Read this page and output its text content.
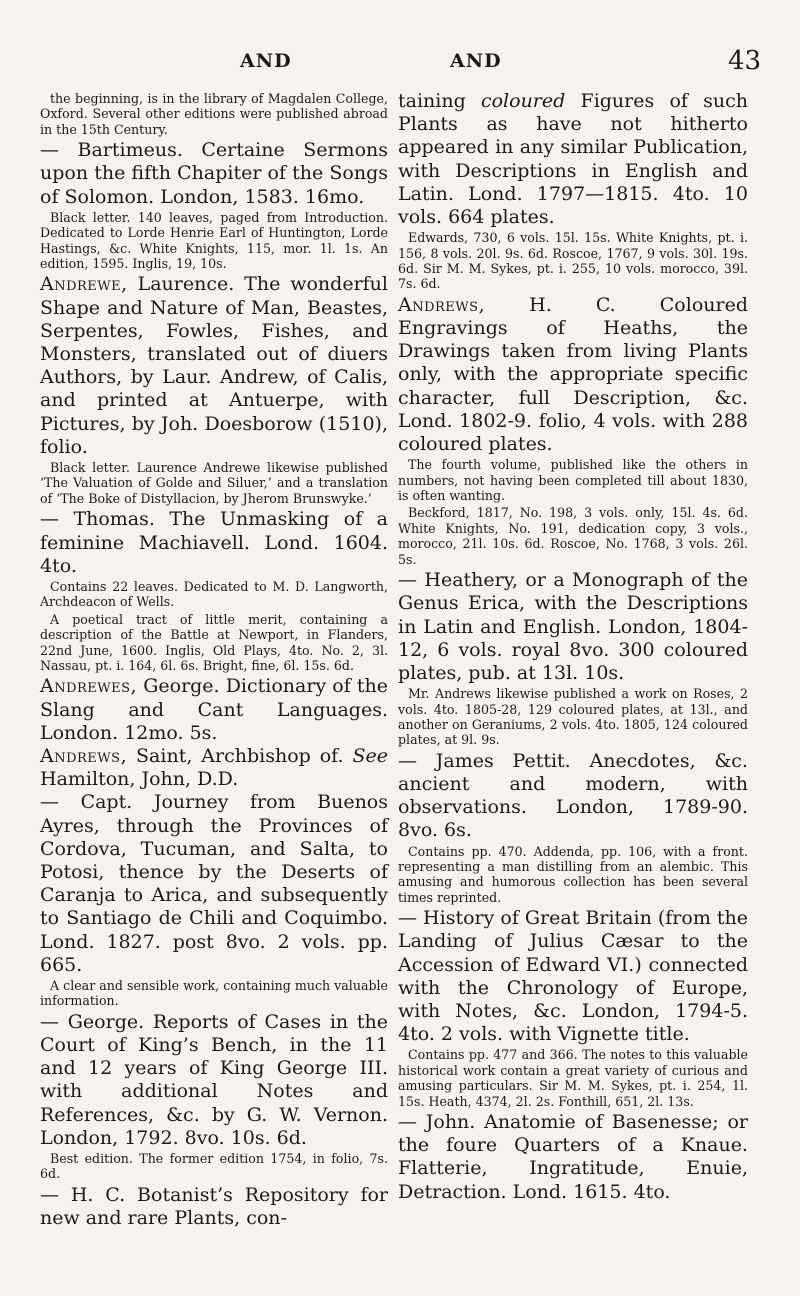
AND	AND	43

the beginning, is in the library of Magdalen College, Oxford. Several other editions were published abroad in the 15th Century.

— Bartimeus. Certaine Sermons upon the fifth Chapiter of the Songs of Solomon. London, 1583. 16mo.

Black letter. 140 leaves, paged from Introduction. Dedicated to Lorde Henrie Earl of Huntington, Lorde Hastings, &c. White Knights, 115, mor. 1l. 1s. An edition, 1595. Inglis, 19, 10s.

Andrewe, Laurence. The wonderful Shape and Nature of Man, Beastes, Serpentes, Fowles, Fishes, and Monsters, translated out of diuers Authors, by Laur. Andrew, of Calis, and printed at Antuerpe, with Pictures, by Joh. Doesborow (1510), folio.

Black letter. Laurence Andrewe likewise published ‘The Valuation of Golde and Siluer,’ and a translation of ‘The Boke of Distyllacion, by Jherom Brunswyke.’

— Thomas. The Unmasking of a feminine Machiavell. Lond. 1604. 4to.

Contains 22 leaves. Dedicated to M. D. Langworth, Archdeacon of Wells.

A poetical tract of little merit, containing a description of the Battle at Newport, in Flanders, 22nd June, 1600. Inglis, Old Plays, 4to. No. 2, 3l. Nassau, pt. i. 164, 6l. 6s. Bright, fine, 6l. 15s. 6d.

Andrewes, George. Dictionary of the Slang and Cant Languages. London. 12mo. 5s.

Andrews, Saint, Archbishop of. See Hamilton, John, D.D.

— Capt. Journey from Buenos Ayres, through the Provinces of Cordova, Tucuman, and Salta, to Potosi, thence by the Deserts of Caranja to Arica, and subsequently to Santiago de Chili and Coquimbo. Lond. 1827. post 8vo. 2 vols. pp. 665.

A clear and sensible work, containing much valuable information.

— George. Reports of Cases in the Court of King’s Bench, in the 11 and 12 years of King George III. with additional Notes and References, &c. by G. W. Vernon. London, 1792. 8vo. 10s. 6d.

Best edition. The former edition 1754, in folio, 7s. 6d.

— H. C. Botanist’s Repository for new and rare Plants, con-

taining coloured Figures of such Plants as have not hitherto appeared in any similar Publication, with Descriptions in English and Latin. Lond. 1797—1815. 4to. 10 vols. 664 plates.

Edwards, 730, 6 vols. 15l. 15s. White Knights, pt. i. 156, 8 vols. 20l. 9s. 6d. Roscoe, 1767, 9 vols. 30l. 19s. 6d. Sir M. M. Sykes, pt. i. 255, 10 vols. morocco, 39l. 7s. 6d.

Andrews, H. C. Coloured Engravings of Heaths, the Drawings taken from living Plants only, with the appropriate specific character, full Description, &c. Lond. 1802-9. folio, 4 vols. with 288 coloured plates.

The fourth volume, published like the others in numbers, not having been completed till about 1830, is often wanting.

Beckford, 1817, No. 198, 3 vols. only, 15l. 4s. 6d. White Knights, No. 191, dedication copy, 3 vols., morocco, 21l. 10s. 6d. Roscoe, No. 1768, 3 vols. 26l. 5s.

— Heathery, or a Monograph of the Genus Erica, with the Descriptions in Latin and English. London, 1804-12, 6 vols. royal 8vo. 300 coloured plates, pub. at 13l. 10s.

Mr. Andrews likewise published a work on Roses, 2 vols. 4to. 1805-28, 129 coloured plates, at 13l., and another on Geraniums, 2 vols. 4to. 1805, 124 coloured plates, at 9l. 9s.

— James Pettit. Anecdotes, &c. ancient and modern, with observations. London, 1789-90. 8vo. 6s.

Contains pp. 470. Addenda, pp. 106, with a front. representing a man distilling from an alembic. This amusing and humorous collection has been several times reprinted.

— History of Great Britain (from the Landing of Julius Cæsar to the Accession of Edward VI.) connected with the Chronology of Europe, with Notes, &c. London, 1794-5. 4to. 2 vols. with Vignette title.

Contains pp. 477 and 366. The notes to this valuable historical work contain a great variety of curious and amusing particulars. Sir M. M. Sykes, pt. i. 254, 1l. 15s. Heath, 4374, 2l. 2s. Fonthill, 651, 2l. 13s.

— John. Anatomie of Basenesse; or the foure Quarters of a Knaue. Flatterie, Ingratitude, Enuie, Detraction. Lond. 1615. 4to.
